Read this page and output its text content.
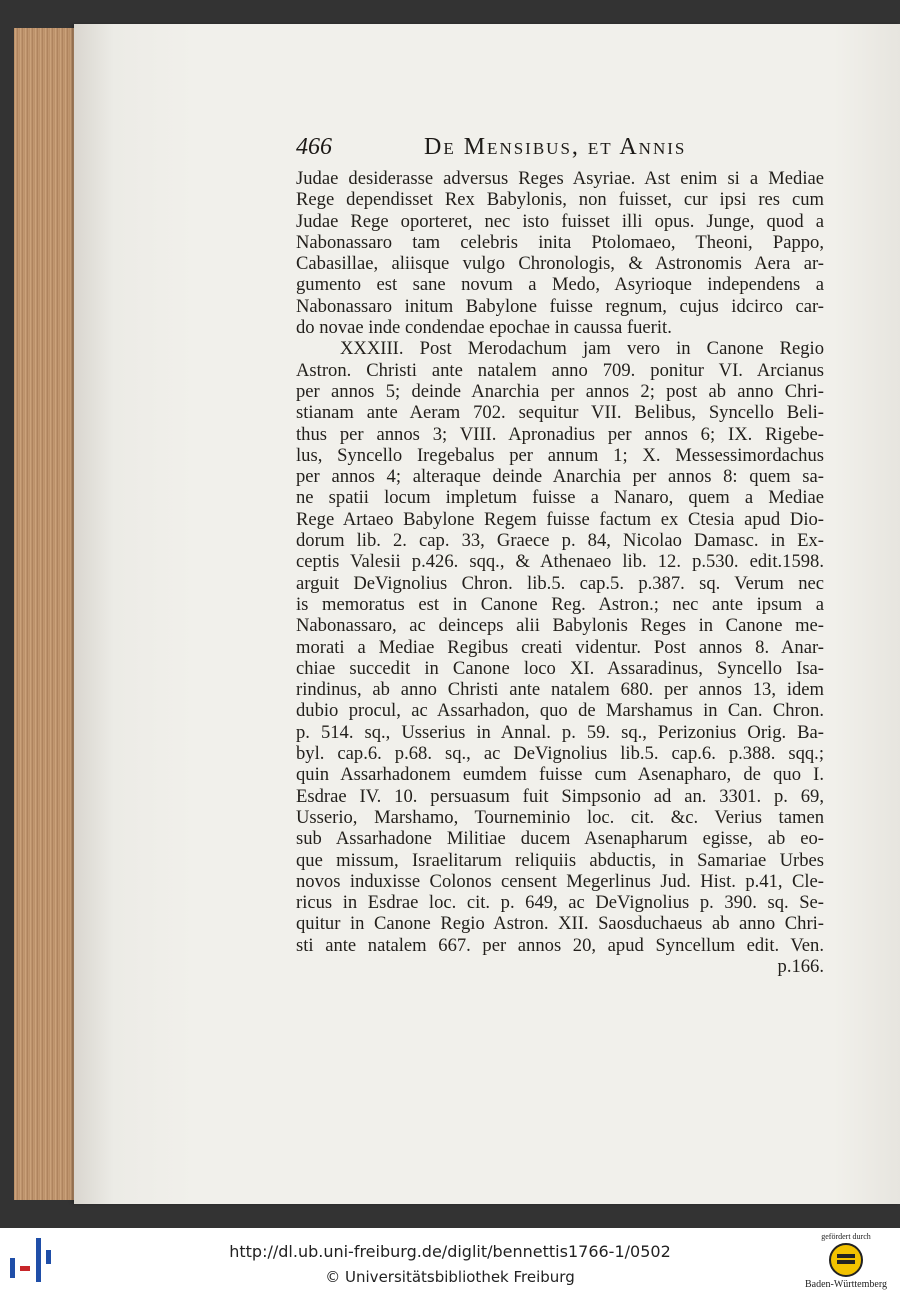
466	De Mensibus, et Annis
Judae desiderasse adversus Reges Asyriae. Ast enim si a Mediae
Rege dependisset Rex Babylonis, non fuisset, cur ipsi res cum
Judae Rege oporteret, nec isto fuisset illi opus. Junge, quod a
Nabonassaro tam celebris inita Ptolomaeo, Theoni, Pappo,
Cabasillae, aliisque vulgo Chronologis, & Astronomis Aera ar-
gumento est sane novum a Medo, Asyrioque independens a
Nabonassaro initum Babylone fuisse regnum, cujus idcirco car-
do novae inde condendae epochae in caussa fuerit.
XXXIII. Post Merodachum jam vero in Canone Regio
Astron. Christi ante natalem anno 709. ponitur VI. Arcianus
per annos 5; deinde Anarchia per annos 2; post ab anno Chri-
stianam ante Aeram 702. sequitur VII. Belibus, Syncello Beli-
thus per annos 3; VIII. Apronadius per annos 6; IX. Rigebe-
lus, Syncello Iregebalus per annum 1; X. Messessimordachus
per annos 4; alteraque deinde Anarchia per annos 8: quem sa-
ne spatii locum impletum fuisse a Nanaro, quem a Mediae
Rege Artaeo Babylone Regem fuisse factum ex Ctesia apud Dio-
dorum lib. 2. cap. 33, Graece p. 84, Nicolao Damasc. in Ex-
ceptis Valesii p.426. sqq., & Athenaeo lib. 12. p.530. edit.1598.
arguit DeVignolius Chron. lib.5. cap.5. p.387. sq. Verum nec
is memoratus est in Canone Reg. Astron.; nec ante ipsum a
Nabonassaro, ac deinceps alii Babylonis Reges in Canone me-
morati a Mediae Regibus creati videntur. Post annos 8. Anar-
chiae succedit in Canone loco XI. Assaradinus, Syncello Isa-
rindinus, ab anno Christi ante natalem 680. per annos 13, idem
dubio procul, ac Assarhadon, quo de Marshamus in Can. Chron.
p. 514. sq., Usserius in Annal. p. 59. sq., Perizonius Orig. Ba-
byl. cap.6. p.68. sq., ac DeVignolius lib.5. cap.6. p.388. sqq.;
quin Assarhadonem eumdem fuisse cum Asenapharo, de quo I.
Esdrae IV. 10. persuasum fuit Simpsonio ad an. 3301. p. 69,
Usserio, Marshamo, Tourneminio loc. cit. &c. Verius tamen
sub Assarhadone Militiae ducem Asenapharum egisse, ab eo-
que missum, Israelitarum reliquiis abductis, in Samariae Urbes
novos induxisse Colonos censent Megerlinus Jud. Hist. p.41, Cle-
ricus in Esdrae loc. cit. p. 649, ac DeVignolius p. 390. sq. Se-
quitur in Canone Regio Astron. XII. Saosduchaeus ab anno Chri-
sti ante natalem 667. per annos 20, apud Syncellum edit. Ven.
p.166.
http://dl.ub.uni-freiburg.de/diglit/bennettis1766-1/0502
© Universitätsbibliothek Freiburg
gefördert durch
Baden-Württemberg
